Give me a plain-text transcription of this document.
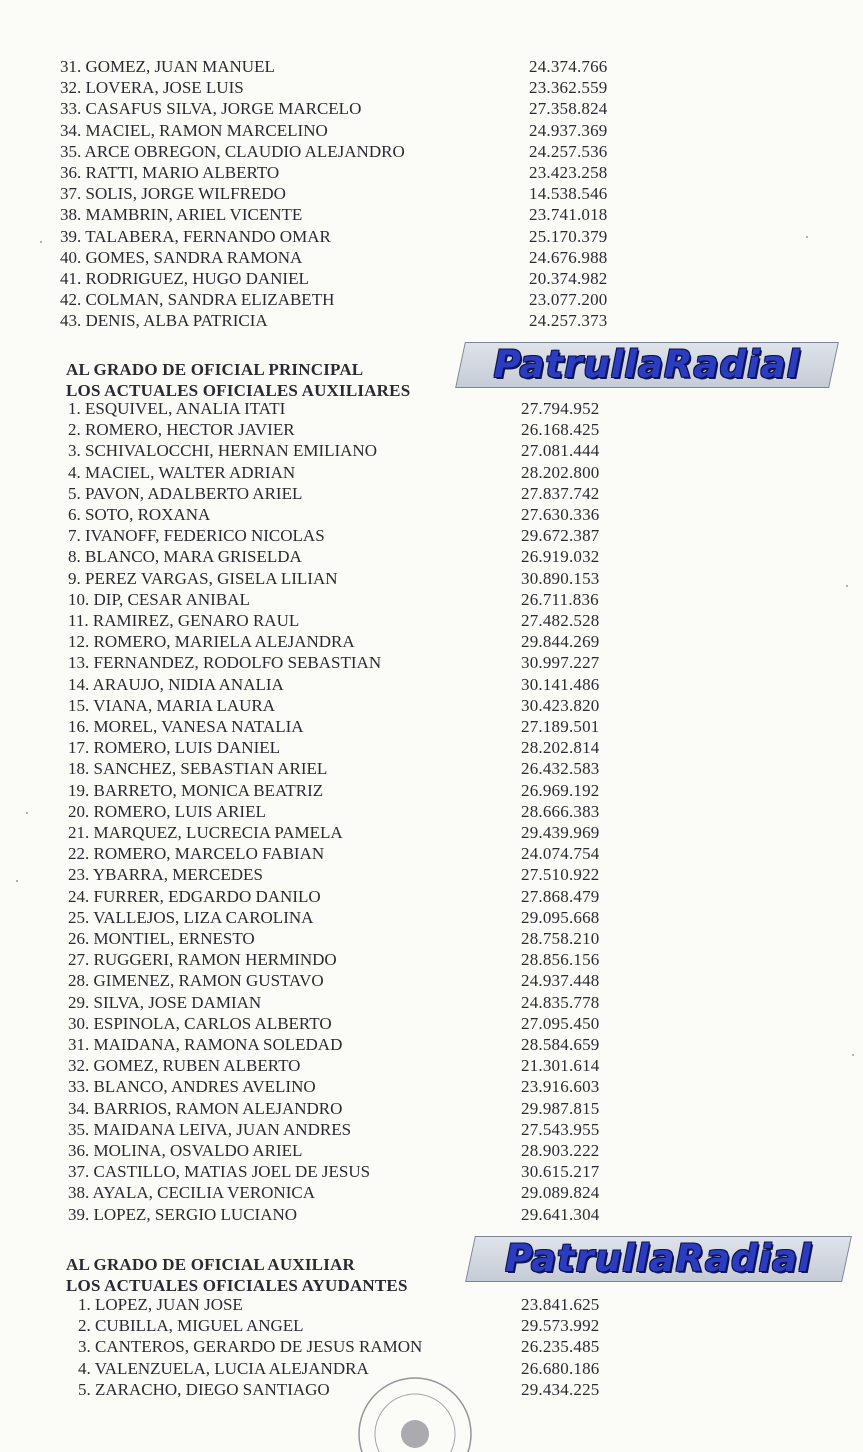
31. GOMEZ, JUAN MANUEL	24.374.766
32. LOVERA, JOSE LUIS	23.362.559
33. CASAFUS SILVA, JORGE MARCELO	27.358.824
34. MACIEL, RAMON MARCELINO	24.937.369
35. ARCE OBREGON, CLAUDIO ALEJANDRO	24.257.536
36. RATTI, MARIO ALBERTO	23.423.258
37. SOLIS, JORGE WILFREDO	14.538.546
38. MAMBRIN, ARIEL VICENTE	23.741.018
39. TALABERA, FERNANDO OMAR	25.170.379
40. GOMES, SANDRA RAMONA	24.676.988
41. RODRIGUEZ, HUGO DANIEL	20.374.982
42. COLMAN, SANDRA ELIZABETH	23.077.200
43. DENIS, ALBA PATRICIA	24.257.373
AL GRADO DE OFICIAL PRINCIPAL
LOS ACTUALES OFICIALES AUXILIARES
PatrullaRadial
1. ESQUIVEL, ANALIA ITATI	27.794.952
2. ROMERO, HECTOR JAVIER	26.168.425
3. SCHIVALOCCHI, HERNAN EMILIANO	27.081.444
4. MACIEL, WALTER ADRIAN	28.202.800
5. PAVON, ADALBERTO ARIEL	27.837.742
6. SOTO, ROXANA	27.630.336
7. IVANOFF, FEDERICO NICOLAS	29.672.387
8. BLANCO, MARA GRISELDA	26.919.032
9. PEREZ VARGAS, GISELA LILIAN	30.890.153
10. DIP, CESAR ANIBAL	26.711.836
11. RAMIREZ, GENARO RAUL	27.482.528
12. ROMERO, MARIELA ALEJANDRA	29.844.269
13. FERNANDEZ, RODOLFO SEBASTIAN	30.997.227
14. ARAUJO, NIDIA ANALIA	30.141.486
15. VIANA, MARIA LAURA	30.423.820
16. MOREL, VANESA NATALIA	27.189.501
17. ROMERO, LUIS DANIEL	28.202.814
18. SANCHEZ, SEBASTIAN ARIEL	26.432.583
19. BARRETO, MONICA BEATRIZ	26.969.192
20. ROMERO, LUIS ARIEL	28.666.383
21. MARQUEZ, LUCRECIA PAMELA	29.439.969
22. ROMERO, MARCELO FABIAN	24.074.754
23. YBARRA, MERCEDES	27.510.922
24. FURRER, EDGARDO DANILO	27.868.479
25. VALLEJOS, LIZA CAROLINA	29.095.668
26. MONTIEL, ERNESTO	28.758.210
27. RUGGERI, RAMON HERMINDO	28.856.156
28. GIMENEZ, RAMON GUSTAVO	24.937.448
29. SILVA, JOSE DAMIAN	24.835.778
30. ESPINOLA, CARLOS ALBERTO	27.095.450
31. MAIDANA, RAMONA SOLEDAD	28.584.659
32. GOMEZ, RUBEN ALBERTO	21.301.614
33. BLANCO, ANDRES AVELINO	23.916.603
34. BARRIOS, RAMON ALEJANDRO	29.987.815
35. MAIDANA LEIVA, JUAN ANDRES	27.543.955
36. MOLINA, OSVALDO ARIEL	28.903.222
37. CASTILLO, MATIAS JOEL DE JESUS	30.615.217
38. AYALA, CECILIA VERONICA	29.089.824
39. LOPEZ, SERGIO LUCIANO	29.641.304
AL GRADO DE OFICIAL AUXILIAR
LOS ACTUALES OFICIALES AYUDANTES
PatrullaRadial
1. LOPEZ, JUAN JOSE	23.841.625
2. CUBILLA, MIGUEL ANGEL	29.573.992
3. CANTEROS, GERARDO DE JESUS RAMON	26.235.485
4. VALENZUELA, LUCIA ALEJANDRA	26.680.186
5. ZARACHO, DIEGO SANTIAGO	29.434.225
